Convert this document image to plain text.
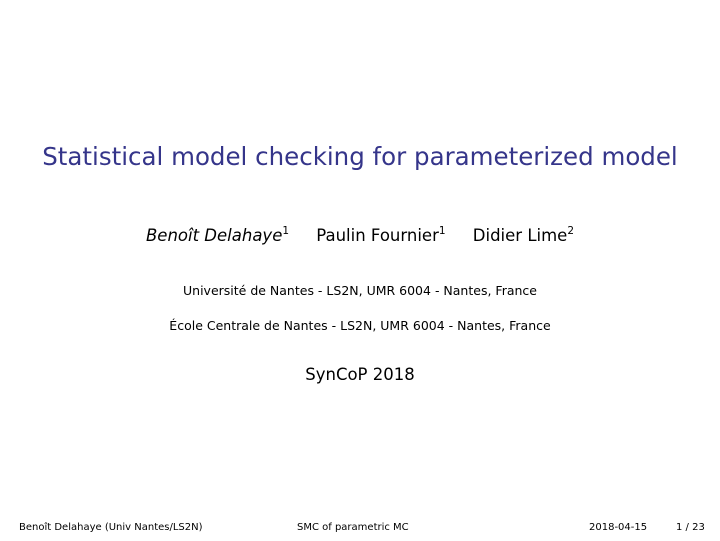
Statistical model checking for parameterized model
Benoît Delahaye$^1$ Paulin Fournier$^1$ Didier Lime$^2$
Université de Nantes - LS2N, UMR 6004 - Nantes, France
École Centrale de Nantes - LS2N, UMR 6004 - Nantes, France
SynCoP 2018
Benoît Delahaye (Univ Nantes/LS2N)	SMC of parametric MC	2018-04-15	1 / 23
